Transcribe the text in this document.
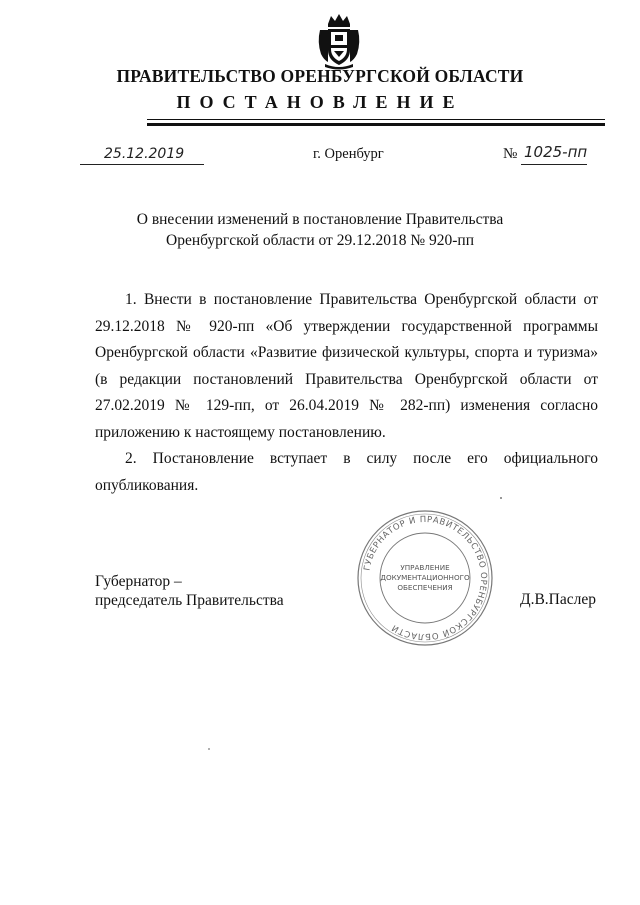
ПРАВИТЕЛЬСТВО ОРЕНБУРГСКОЙ ОБЛАСТИ
ПОСТАНОВЛЕНИЕ
25.12.2019	г. Оренбург	№ 1025-пп
О внесении изменений в постановление Правительства
Оренбургской области от 29.12.2018 № 920-пп

1. Внести в постановление Правительства Оренбургской области от 29.12.2018 № 920-пп «Об утверждении государственной программы Оренбургской области «Развитие физической культуры, спорта и туризма» (в редакции постановлений Правительства Оренбургской области от 27.02.2019 № 129-пп, от 26.04.2019 № 282-пп) изменения согласно приложению к настоящему постановлению.

2. Постановление вступает в силу после его официального опубликования.

Губернатор –
председатель Правительства	Д.В.Паслер
ГУБЕРНАТОР И ПРАВИТЕЛЬСТВО ОРЕНБУРГСКОЙ ОБЛАСТИ
УПРАВЛЕНИЕ
ДОКУМЕНТАЦИОННОГО
ОБЕСПЕЧЕНИЯ
